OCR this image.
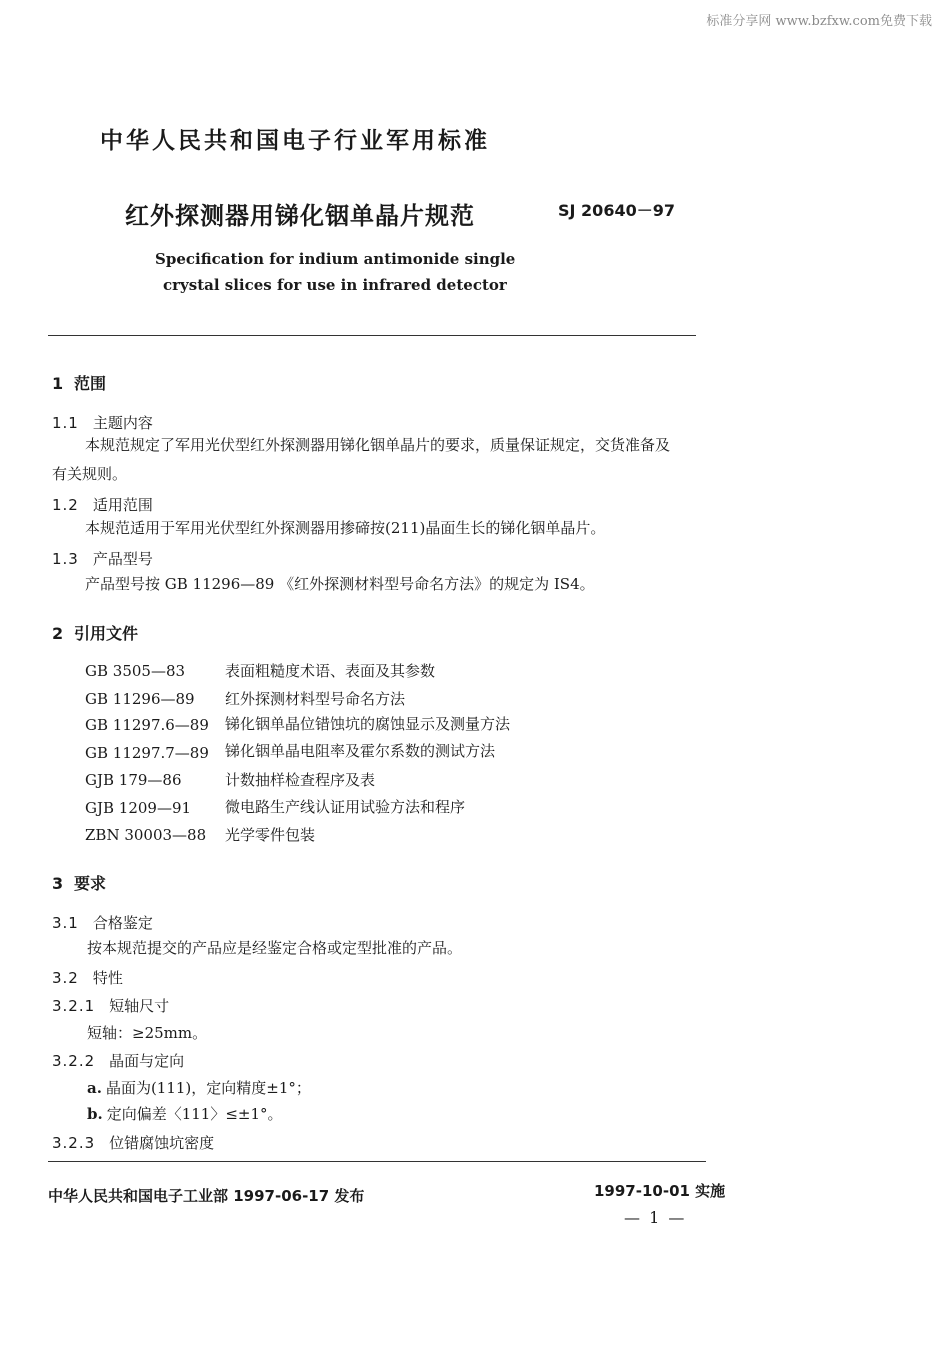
标准分享网 www.bzfxw.com免费下载
中华人民共和国电子行业军用标准
红外探测器用锑化铟单晶片规范	SJ 20640－97
Specification for indium antimonide single
crystal slices for use in infrared detector
1 范围
1.1 主题内容
本规范规定了军用光伏型红外探测器用锑化铟单晶片的要求，质量保证规定，交货准备及
有关规则。
1.2 适用范围
本规范适用于军用光伏型红外探测器用掺碲按(211)晶面生长的锑化铟单晶片。
1.3 产品型号
产品型号按 GB 11296—89 《红外探测材料型号命名方法》的规定为 IS4。
2 引用文件
GB 3505—83	表面粗糙度术语、表面及其参数
GB 11296—89 红外探测材料型号命名方法
GB 11297.6—89 锑化铟单晶位错蚀坑的腐蚀显示及测量方法
GB 11297.7—89 锑化铟单晶电阻率及霍尔系数的测试方法
GJB 179—86	计数抽样检查程序及表
GJB 1209—91 微电路生产线认证用试验方法和程序
ZBN 30003—88 光学零件包装
3 要求
3.1 合格鉴定
按本规范提交的产品应是经鉴定合格或定型批准的产品。
3.2 特性
3.2.1 短轴尺寸
短轴：≥25mm。
3.2.2 晶面与定向
a. 晶面为(111)，定向精度±1°；
b. 定向偏差〈111〉≤±1°。
3.2.3 位错腐蚀坑密度
中华人民共和国电子工业部 1997-06-17 发布	1997-10-01 实施
— 1 —
